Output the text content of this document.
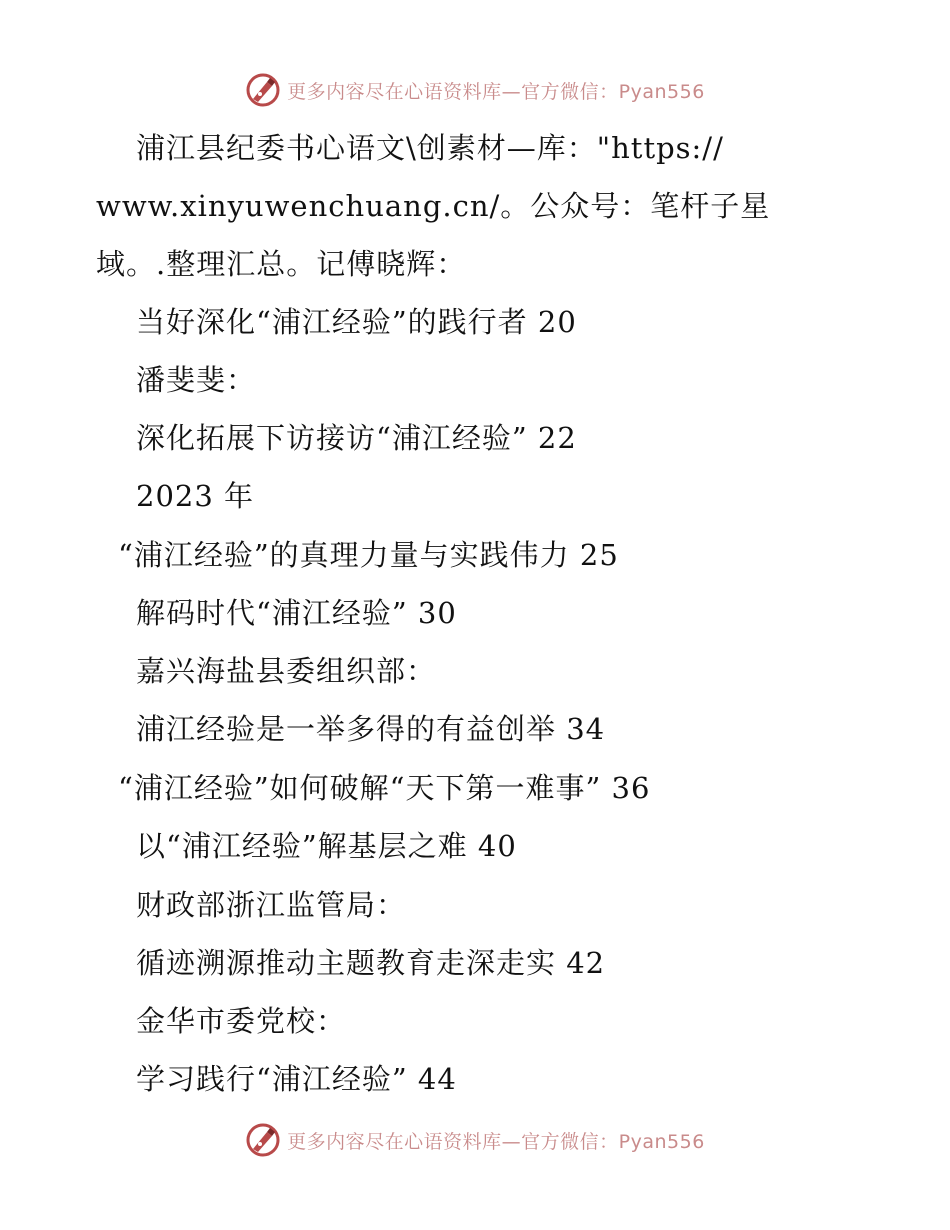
更多内容尽在心语资料库—官方微信：Pyan556
浦江县纪委书心语文\创素材—库："https://
www.xinyuwenchuang.cn/。公众号：笔杆子星
域。.整理汇总。记傅晓辉：
当好深化“浦江经验”的践行者 20
潘斐斐：
深化拓展下访接访“浦江经验” 22
2023 年
“浦江经验”的真理力量与实践伟力 25
解码时代“浦江经验” 30
嘉兴海盐县委组织部：
浦江经验是一举多得的有益创举 34
“浦江经验”如何破解“天下第一难事” 36
以“浦江经验”解基层之难 40
财政部浙江监管局：
循迹溯源推动主题教育走深走实 42
金华市委党校：
学习践行“浦江经验” 44
更多内容尽在心语资料库—官方微信：Pyan556
